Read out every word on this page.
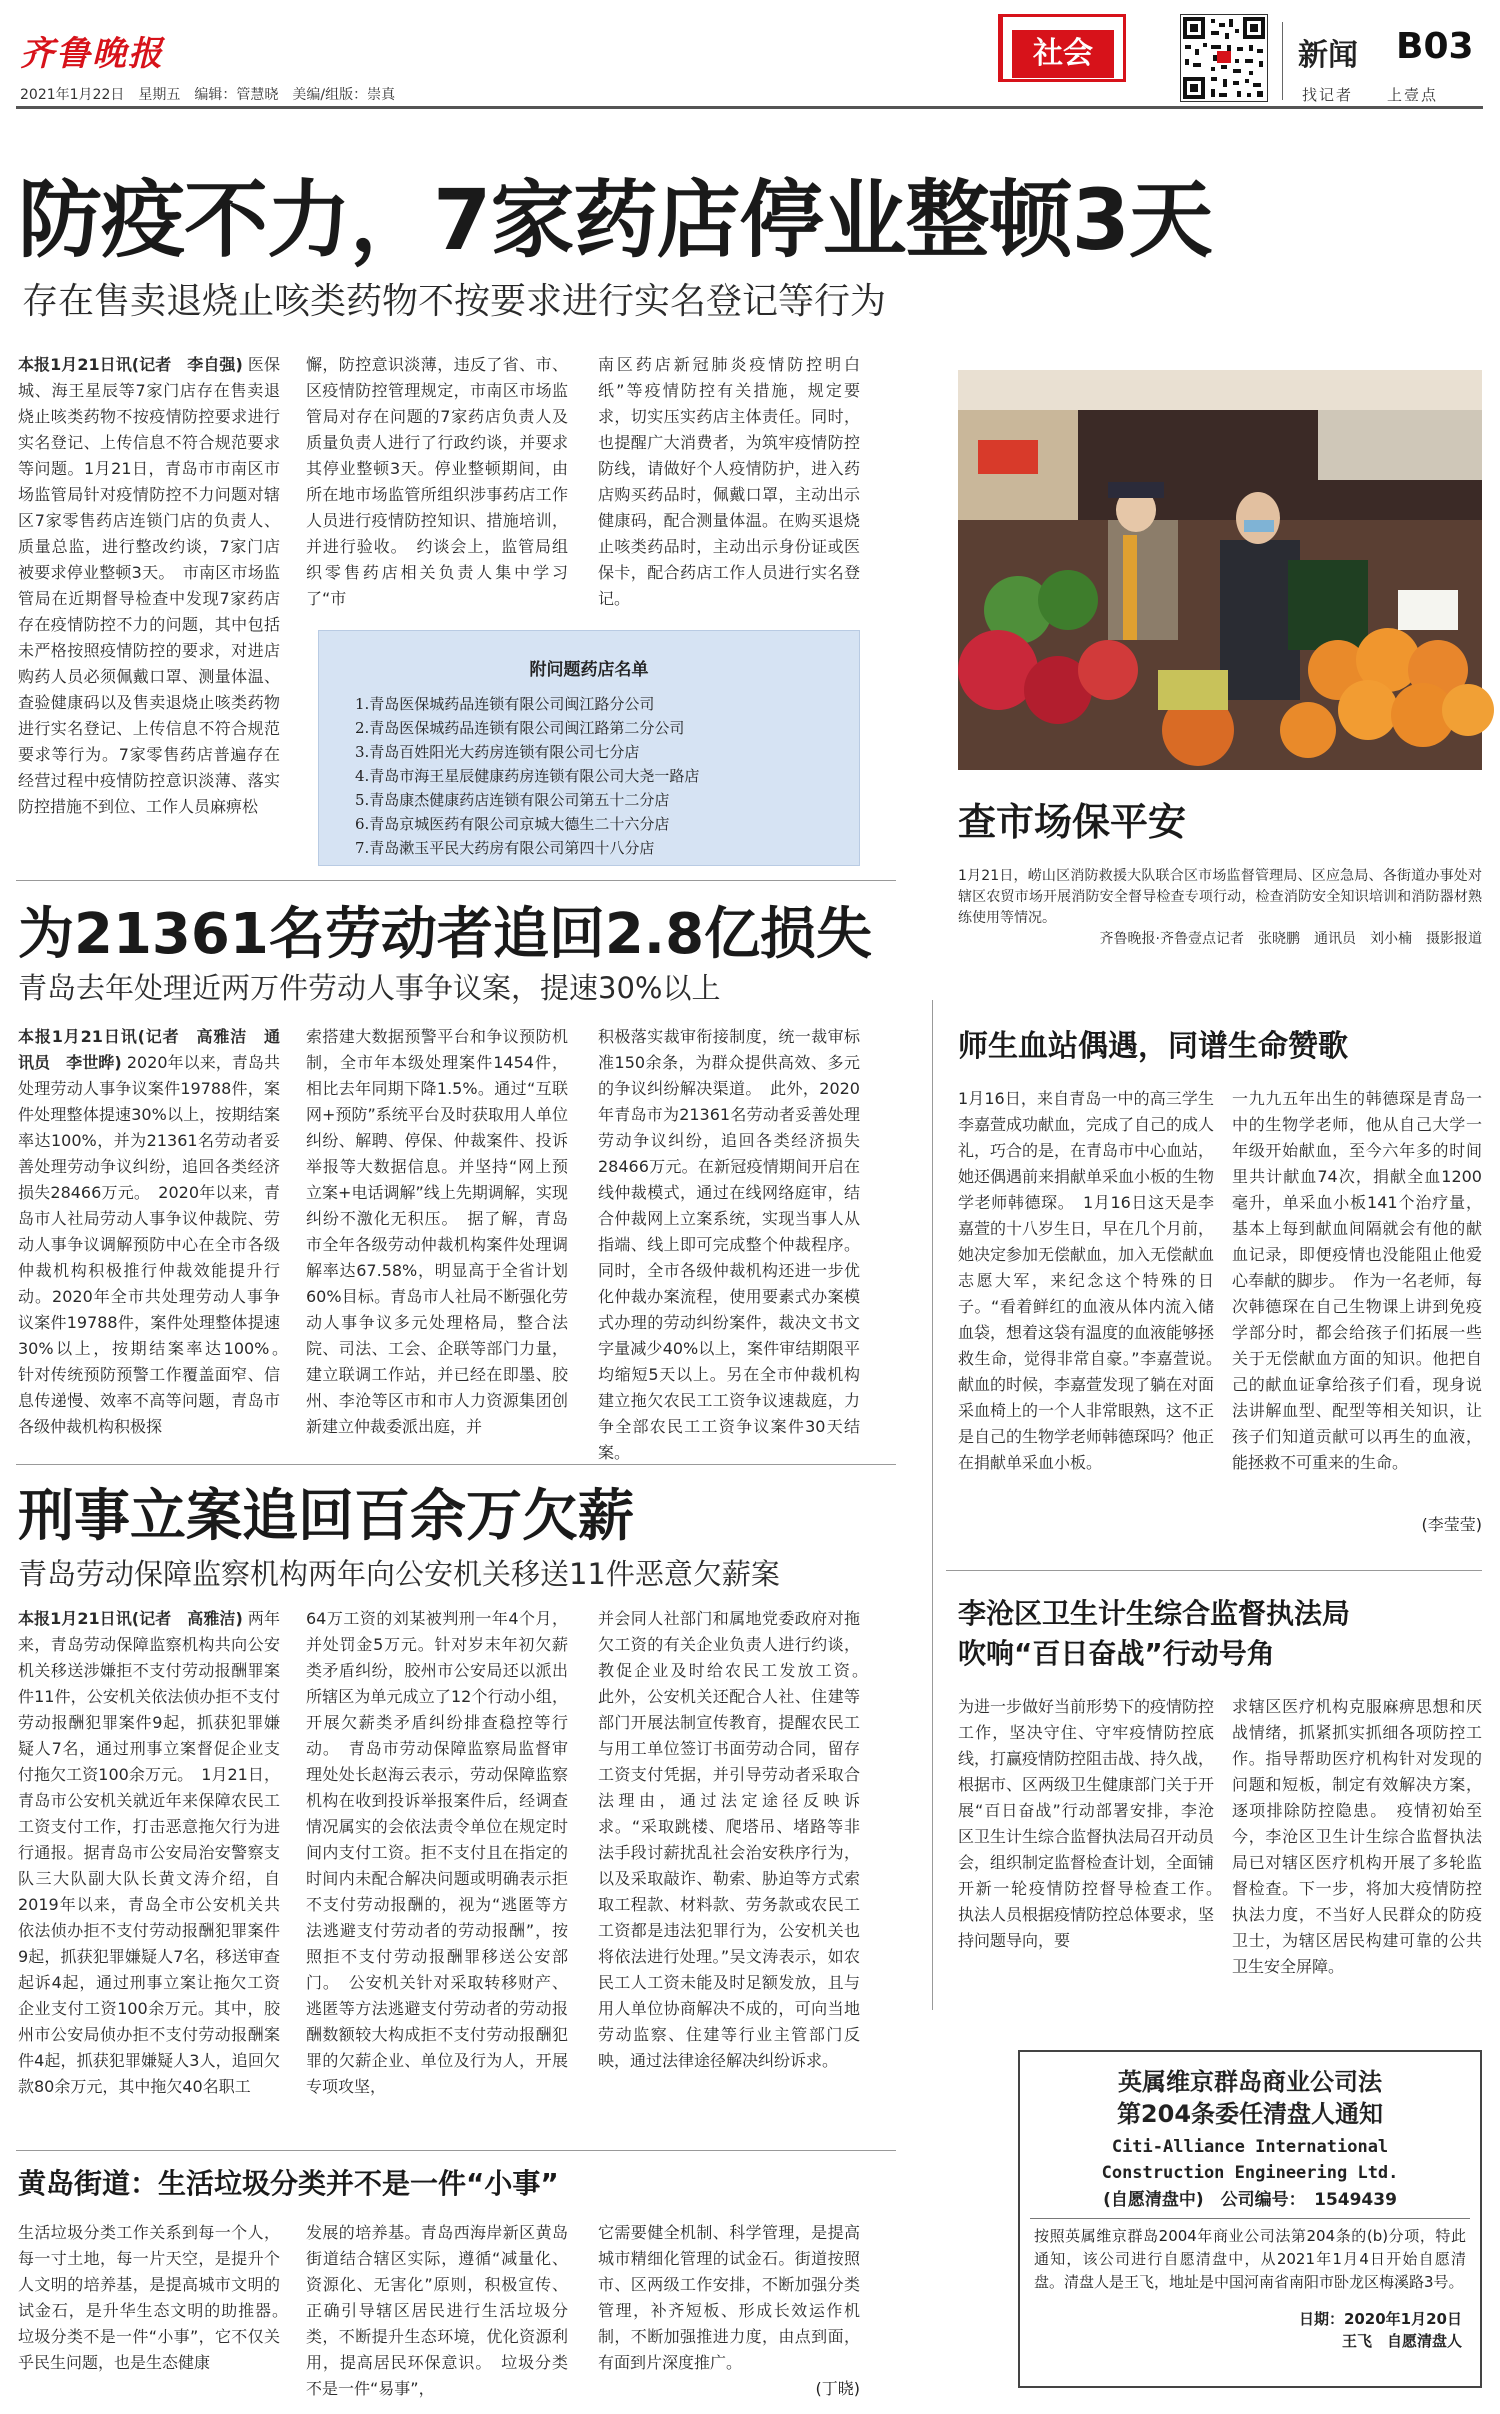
齐鲁晚报
2021年1月22日　星期五　编辑：管慧晓　美编/组版：崇真
社会	新闻 B03
找记者　　上壹点
防疫不力，7家药店停业整顿3天
存在售卖退烧止咳类药物不按要求进行实名登记等行为
本报1月21日讯(记者　李自强) 医保城、海王星辰等7家门店存在售卖退烧止咳类药物不按疫情防控要求进行实名登记、上传信息不符合规范要求等问题。1月21日，青岛市市南区市场监管局针对疫情防控不力问题对辖区7家零售药店连锁门店的负责人、质量总监，进行整改约谈，7家门店被要求停业整顿3天。　市南区市场监管局在近期督导检查中发现7家药店存在疫情防控不力的问题，其中包括未严格按照疫情防控的要求，对进店购药人员必须佩戴口罩、测量体温、查验健康码以及售卖退烧止咳类药物进行实名登记、上传信息不符合规范要求等行为。7家零售药店普遍存在经营过程中疫情防控意识淡薄、落实防控措施不到位、工作人员麻痹松
懈，防控意识淡薄，违反了省、市、区疫情防控管理规定，市南区市场监管局对存在问题的7家药店负责人及质量负责人进行了行政约谈，并要求其停业整顿3天。停业整顿期间，由所在地市场监管所组织涉事药店工作人员进行疫情防控知识、措施培训，并进行验收。　约谈会上，监管局组织零售药店相关负责人集中学习了“市
南区药店新冠肺炎疫情防控明白纸”等疫情防控有关措施，规定要求，切实压实药店主体责任。同时，也提醒广大消费者，为筑牢疫情防控防线，请做好个人疫情防护，进入药店购买药品时，佩戴口罩，主动出示健康码，配合测量体温。在购买退烧止咳类药品时，主动出示身份证或医保卡，配合药店工作人员进行实名登记。
附问题药店名单
1.青岛医保城药品连锁有限公司闽江路分公司
2.青岛医保城药品连锁有限公司闽江路第二分公司
3.青岛百姓阳光大药房连锁有限公司七分店
4.青岛市海王星辰健康药房连锁有限公司大尧一路店
5.青岛康杰健康药店连锁有限公司第五十二分店
6.青岛京城医药有限公司京城大德生二十六分店
7.青岛漱玉平民大药房有限公司第四十八分店
查市场保平安
1月21日，崂山区消防救援大队联合区市场监督管理局、区应急局、各街道办事处对辖区农贸市场开展消防安全督导检查专项行动，检查消防安全知识培训和消防器材熟练使用等情况。
齐鲁晚报·齐鲁壹点记者　张晓鹏　通讯员　刘小楠　摄影报道
为21361名劳动者追回2.8亿损失
青岛去年处理近两万件劳动人事争议案，提速30%以上
本报1月21日讯(记者　高雅洁　通讯员　李世晔) 2020年以来，青岛共处理劳动人事争议案件19788件，案件处理整体提速30%以上，按期结案率达100%，并为21361名劳动者妥善处理劳动争议纠纷，追回各类经济损失28466万元。　2020年以来，青岛市人社局劳动人事争议仲裁院、劳动人事争议调解预防中心在全市各级仲裁机构积极推行仲裁效能提升行动。2020年全市共处理劳动人事争议案件19788件，案件处理整体提速30%以上，按期结案率达100%。　针对传统预防预警工作覆盖面窄、信息传递慢、效率不高等问题，青岛市各级仲裁机构积极探
索搭建大数据预警平台和争议预防机制，全市年本级处理案件1454件，相比去年同期下降1.5%。通过“互联网+预防”系统平台及时获取用人单位纠纷、解聘、停保、仲裁案件、投诉举报等大数据信息。并坚持“网上预立案+电话调解”线上先期调解，实现纠纷不激化无积压。　据了解，青岛市全年各级劳动仲裁机构案件处理调解率达67.58%，明显高于全省计划60%目标。青岛市人社局不断强化劳动人事争议多元处理格局，整合法院、司法、工会、企联等部门力量，建立联调工作站，并已经在即墨、胶州、李沧等区市和市人力资源集团创新建立仲裁委派出庭，并
积极落实裁审衔接制度，统一裁审标准150余条，为群众提供高效、多元的争议纠纷解决渠道。　此外，2020年青岛市为21361名劳动者妥善处理劳动争议纠纷，追回各类经济损失28466万元。在新冠疫情期间开启在线仲裁模式，通过在线网络庭审，结合仲裁网上立案系统，实现当事人从指端、线上即可完成整个仲裁程序。同时，全市各级仲裁机构还进一步优化仲裁办案流程，使用要素式办案模式办理的劳动纠纷案件，裁决文书文字量减少40%以上，案件审结期限平均缩短5天以上。另在全市仲裁机构建立拖欠农民工工资争议速裁庭，力争全部农民工工资争议案件30天结案。
师生血站偶遇，同谱生命赞歌
1月16日，来自青岛一中的高三学生李嘉萱成功献血，完成了自己的成人礼，巧合的是，在青岛市中心血站，她还偶遇前来捐献单采血小板的生物学老师韩德琛。　1月16日这天是李嘉萱的十八岁生日，早在几个月前，她决定参加无偿献血，加入无偿献血志愿大军，来纪念这个特殊的日子。“看着鲜红的血液从体内流入储血袋，想着这袋有温度的血液能够拯救生命，觉得非常自豪。”李嘉萱说。　献血的时候，李嘉萱发现了躺在对面采血椅上的一个人非常眼熟，这不正是自己的生物学老师韩德琛吗？他正在捐献单采血小板。
一九九五年出生的韩德琛是青岛一中的生物学老师，他从自己大学一年级开始献血，至今六年多的时间里共计献血74次，捐献全血1200毫升，单采血小板141个治疗量，基本上每到献血间隔就会有他的献血记录，即便疫情也没能阻止他爱心奉献的脚步。　作为一名老师，每次韩德琛在自己生物课上讲到免疫学部分时，都会给孩子们拓展一些关于无偿献血方面的知识。他把自己的献血证拿给孩子们看，现身说法讲解血型、配型等相关知识，让孩子们知道贡献可以再生的血液，能拯救不可重来的生命。
(李莹莹)
刑事立案追回百余万欠薪
青岛劳动保障监察机构两年向公安机关移送11件恶意欠薪案
本报1月21日讯(记者　高雅洁) 两年来，青岛劳动保障监察机构共向公安机关移送涉嫌拒不支付劳动报酬罪案件11件，公安机关依法侦办拒不支付劳动报酬犯罪案件9起，抓获犯罪嫌疑人7名，通过刑事立案督促企业支付拖欠工资100余万元。　1月21日，青岛市公安机关就近年来保障农民工工资支付工作，打击恶意拖欠行为进行通报。据青岛市公安局治安警察支队三大队副大队长黄文涛介绍，自2019年以来，青岛全市公安机关共依法侦办拒不支付劳动报酬犯罪案件9起，抓获犯罪嫌疑人7名，移送审查起诉4起，通过刑事立案让拖欠工资企业支付工资100余万元。其中，胶州市公安局侦办拒不支付劳动报酬案件4起，抓获犯罪嫌疑人3人，追回欠款80余万元，其中拖欠40名职工
64万工资的刘某被判刑一年4个月，并处罚金5万元。针对岁末年初欠薪类矛盾纠纷，胶州市公安局还以派出所辖区为单元成立了12个行动小组，开展欠薪类矛盾纠纷排查稳控等行动。　青岛市劳动保障监察局监督审理处处长赵海云表示，劳动保障监察机构在收到投诉举报案件后，经调查情况属实的会依法责令单位在规定时间内支付工资。拒不支付且在指定的时间内未配合解决问题或明确表示拒不支付劳动报酬的，视为“逃匿等方法逃避支付劳动者的劳动报酬”，按照拒不支付劳动报酬罪移送公安部门。　公安机关针对采取转移财产、逃匿等方法逃避支付劳动者的劳动报酬数额较大构成拒不支付劳动报酬犯罪的欠薪企业、单位及行为人，开展专项攻坚，
并会同人社部门和属地党委政府对拖欠工资的有关企业负责人进行约谈，教促企业及时给农民工发放工资。　此外，公安机关还配合人社、住建等部门开展法制宣传教育，提醒农民工与用工单位签订书面劳动合同，留存工资支付凭据，并引导劳动者采取合法理由，通过法定途径反映诉求。“采取跳楼、爬塔吊、堵路等非法手段讨薪扰乱社会治安秩序行为，以及采取敲诈、勒索、胁迫等方式索取工程款、材料款、劳务款或农民工工资都是违法犯罪行为，公安机关也将依法进行处理。”吴文涛表示，如农民工人工资未能及时足额发放，且与用人单位协商解决不成的，可向当地劳动监察、住建等行业主管部门反映，通过法律途径解决纠纷诉求。
李沧区卫生计生综合监督执法局
吹响“百日奋战”行动号角
为进一步做好当前形势下的疫情防控工作，坚决守住、守牢疫情防控底线，打赢疫情防控阻击战、持久战，根据市、区两级卫生健康部门关于开展“百日奋战”行动部署安排，李沧区卫生计生综合监督执法局召开动员会，组织制定监督检查计划，全面铺开新一轮疫情防控督导检查工作。　执法人员根据疫情防控总体要求，坚持问题导向，要
求辖区医疗机构克服麻痹思想和厌战情绪，抓紧抓实抓细各项防控工作。指导帮助医疗机构针对发现的问题和短板，制定有效解决方案，逐项排除防控隐患。　疫情初始至今，李沧区卫生计生综合监督执法局已对辖区医疗机构开展了多轮监督检查。下一步，将加大疫情防控执法力度，不当好人民群众的防疫卫士，为辖区居民构建可靠的公共卫生安全屏障。
黄岛街道：生活垃圾分类并不是一件“小事”
生活垃圾分类工作关系到每一个人，每一寸土地，每一片天空，是提升个人文明的培养基，是提高城市文明的试金石，是升华生态文明的助推器。　垃圾分类不是一件“小事”，它不仅关乎民生问题，也是生态健康
发展的培养基。青岛西海岸新区黄岛街道结合辖区实际，遵循“减量化、资源化、无害化”原则，积极宣传、正确引导辖区居民进行生活垃圾分类，不断提升生态环境，优化资源利用，提高居民环保意识。　垃圾分类不是一件“易事”，
它需要健全机制、科学管理，是提高城市精细化管理的试金石。街道按照市、区两级工作安排，不断加强分类管理，补齐短板、形成长效运作机制，不断加强推进力度，由点到面，有面到片深度推广。
(丁晓)
英属维京群岛商业公司法
第204条委任清盘人通知
Citi-Alliance International
Construction Engineering Ltd.
(自愿清盘中)　公司编号：　1549439
按照英属维京群岛2004年商业公司法第204条的(b)分项，特此通知，该公司进行自愿清盘中，从2021年1月4日开始自愿清盘。清盘人是王飞，地址是中国河南省南阳市卧龙区梅溪路3号。
日期：2020年1月20日
王飞　自愿清盘人
